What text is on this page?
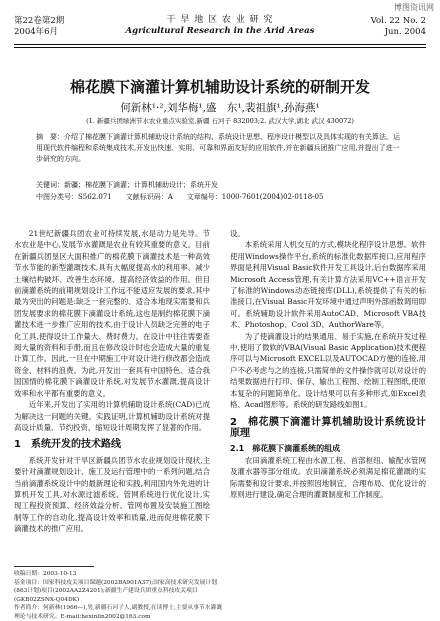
博图资讯网
第22卷第2期
2004年6月
干 旱 地 区 农 业 研 究
Agricultural Research in the Arid Areas
Vol. 22 No. 2
Jun. 2004
棉花膜下滴灌计算机辅助设计系统的研制开发
何新林¹·²,刘华梅¹,盛　东¹,裴祖旗¹,孙海燕¹
(1. 新疆兵团绿洲节水农业重点实验室,新疆 石河子 832003;2. 武汉大学,湖北 武汉 430072)
摘　要：介绍了棉花膜下滴灌计算机辅助设计系统的结构、系统设计思想、程序设计模型以及具体实现的有关算法。运用现代软件编程和系统集成技术,开发出快速、实用、可靠和界面友好的应用软件,并在新疆兵团推广应用,并提出了进一步研究的方向。
关键词：新疆；棉花膜下滴灌；计算机辅助设计；系统开发
中图分类号：S562.071　　文献标识码：A　　文章编号：1000-7601(2004)02-0118-05

21世纪新疆兵团农业可持续发展,水是动力是先导。节水农业是中心,发展节水灌溉是农业有较其重要的意义。目前在新疆兵团垦区大面积推广的棉花膜下滴灌技术是一种高效节水节能的新型灌溉技术,具有大幅度提高水的利用率、减少土壤结构破坏、改善生态环境、提高经济效益的作用。但目前滴灌系统的前期规划设计工作远不能适应发展的要求,其中最为突出的问题是:缺乏一套完整的、适合本地现实需要和兵团发展要求的棉花膜下滴灌设计系统,这也是制约棉花膜下滴灌技术进一步推广应用的技术,由于设计人员缺乏完善的电子化工具,使得设计工作量大、费时费力。在设计中往往需要查阅大量的资料和手册,而且在修改设计时也会造成大量的重复计算工作。因此,一旦在中期施工中对设计进行修改都会造成资金、材料的浪费。为此,开发出一套具有中国特色、适合我国国情的棉花膜下滴灌设计系统,对发展节水灌溉,提高设计效率和水平都有重要的意义。

近年来,开发出了实用的计算机辅助设计系统(CAD)已成为解决这一问题的关键。实践证明,计算机辅助设计系统对提高设计质量、节约投资、缩短设计周期发挥了显著的作用。

1　系统开发的技术路线

系统开发针对干旱区新疆兵团节水农业规划设计现状,主要针对滴灌规划设计、施工及运行管理中的一系列问题,结合当前滴灌系统设计中的最新理论和实践,利用国内外先进的计算机开发工具,对水源过滤系统、管网系统进行优化设计,实现工程投资预算、经济效益分析、管网布置及安装施工图绘制等工作的自动化,提高设计效率和质量,进而促进棉花膜下滴灌技术的推广应用。

设。

本系统采用人机交互的方式,模块化程序设计思想。软件使用Windows操作平台,系统的标准化数据库接口,应用程序界面是利用Visual Basic软件开发工具设计,后台数据库采用Microsoft Access管理,有关计算方法采用VC++语言开发了标准的Windows动态链接库(DLL),系统提供了有关的标准接口,在Visual Basic开发环境中通过声明外部函数调用即可。系统辅助设计软件采用AutoCAD、Microsoft VBA技术、Photoshop、Cool 3D、AuthorWare等。

为了使滴灌设计的结果通用、易于实施,在系统开发过程中,使用了微软的VBA(Visual Basic Application)技术便程序可以与Microsoft EXCEL以及AUTOCAD方便的连接,用户不必考虑与之的连接,只需简单的文件操作就可以对设计的结果数据进行打印、保存、输出工程图、绘制工程图纸,使原本复杂的问题简单化。设计结果可以有多种形式,如Excel表格、Acad图形等。系统的研发路线如图1。

2　棉花膜下滴灌计算机辅助设计系统设计原理
2.1　棉花膜下滴灌系统的组成

农田滴灌系统工程由水源工程、首部枢纽、输配水管网及灌水器等部分组成。农田滴灌系统必须满足棉花灌溉的实际需要和设计要求,并按照因地制宜、合理布局、优化设计的原则进行建设,确定合理的灌溉制度和工作制度。

收稿日期：2003-10-13
基金项目：国家科技攻关项目课题(2002BA901A37);国家高技术研究发展计划(863计划)项目(2002AA2Z4201);新疆生产建设兵团重点科技攻关项目(GKB02ZSNX-Q04DK)
作者简介：何新林(1966—),男,新疆石河子人,副教授,在读博士,主要从事节水灌溉理论与技术研究。E-mail:hexinlin2002@163.com
